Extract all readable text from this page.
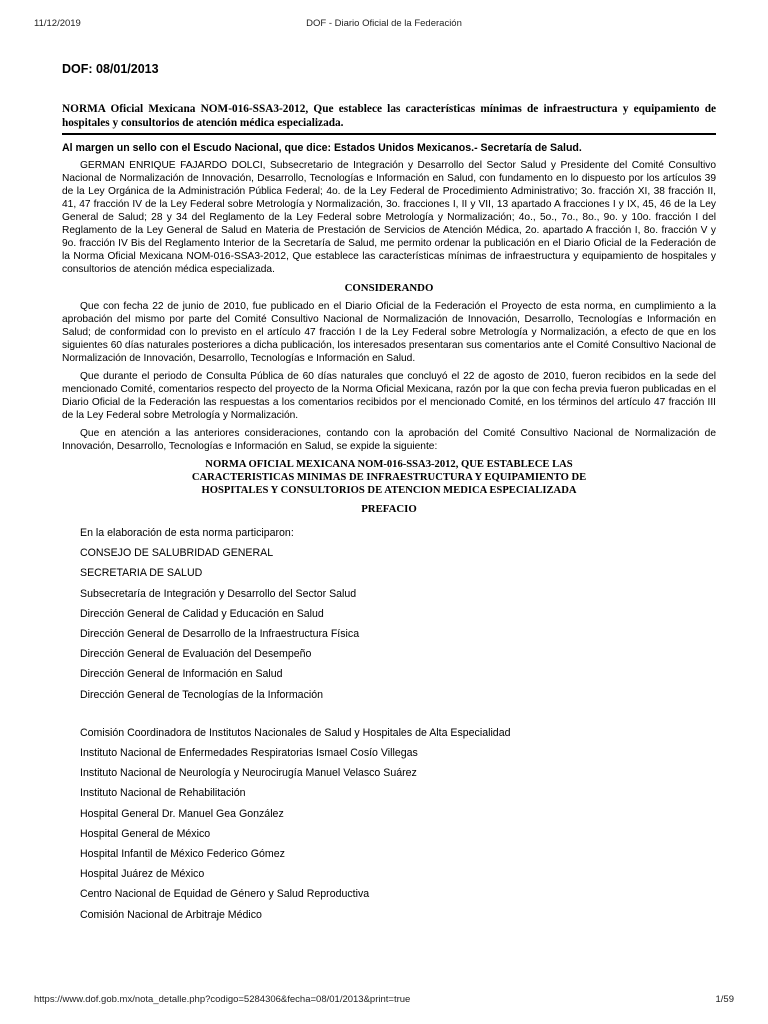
11/12/2019	DOF - Diario Oficial de la Federación
DOF: 08/01/2013
NORMA Oficial Mexicana NOM-016-SSA3-2012, Que establece las características mínimas de infraestructura y equipamiento de hospitales y consultorios de atención médica especializada.
Al margen un sello con el Escudo Nacional, que dice: Estados Unidos Mexicanos.- Secretaría de Salud.

GERMAN ENRIQUE FAJARDO DOLCI, Subsecretario de Integración y Desarrollo del Sector Salud y Presidente del Comité Consultivo Nacional de Normalización de Innovación, Desarrollo, Tecnologías e Información en Salud, con fundamento en lo dispuesto por los artículos 39 de la Ley Orgánica de la Administración Pública Federal; 4o. de la Ley Federal de Procedimiento Administrativo; 3o. fracción XI, 38 fracción II, 41, 47 fracción IV de la Ley Federal sobre Metrología y Normalización, 3o. fracciones I, II y VII, 13 apartado A fracciones I y IX, 45, 46 de la Ley General de Salud; 28 y 34 del Reglamento de la Ley Federal sobre Metrología y Normalización; 4o., 5o., 7o., 8o., 9o. y 10o. fracción I del Reglamento de la Ley General de Salud en Materia de Prestación de Servicios de Atención Médica, 2o. apartado A fracción I, 8o. fracción V y 9o. fracción IV Bis del Reglamento Interior de la Secretaría de Salud, me permito ordenar la publicación en el Diario Oficial de la Federación de la Norma Oficial Mexicana NOM-016-SSA3-2012, Que establece las características mínimas de infraestructura y equipamiento de hospitales y consultorios de atención médica especializada.

CONSIDERANDO

Que con fecha 22 de junio de 2010, fue publicado en el Diario Oficial de la Federación el Proyecto de esta norma, en cumplimiento a la aprobación del mismo por parte del Comité Consultivo Nacional de Normalización de Innovación, Desarrollo, Tecnologías e Información en Salud; de conformidad con lo previsto en el artículo 47 fracción I de la Ley Federal sobre Metrología y Normalización, a efecto de que en los siguientes 60 días naturales posteriores a dicha publicación, los interesados presentaran sus comentarios ante el Comité Consultivo Nacional de Normalización de Innovación, Desarrollo, Tecnologías e Información en Salud.

Que durante el periodo de Consulta Pública de 60 días naturales que concluyó el 22 de agosto de 2010, fueron recibidos en la sede del mencionado Comité, comentarios respecto del proyecto de la Norma Oficial Mexicana, razón por la que con fecha previa fueron publicadas en el Diario Oficial de la Federación las respuestas a los comentarios recibidos por el mencionado Comité, en los términos del artículo 47 fracción III de la Ley Federal sobre Metrología y Normalización.

Que en atención a las anteriores consideraciones, contando con la aprobación del Comité Consultivo Nacional de Normalización de Innovación, Desarrollo, Tecnologías e Información en Salud, se expide la siguiente:

NORMA OFICIAL MEXICANA NOM-016-SSA3-2012, QUE ESTABLECE LAS CARACTERISTICAS MINIMAS DE INFRAESTRUCTURA Y EQUIPAMIENTO DE HOSPITALES Y CONSULTORIOS DE ATENCION MEDICA ESPECIALIZADA
PREFACIO
En la elaboración de esta norma participaron:
CONSEJO DE SALUBRIDAD GENERAL
SECRETARIA DE SALUD
Subsecretaría de Integración y Desarrollo del Sector Salud
Dirección General de Calidad y Educación en Salud
Dirección General de Desarrollo de la Infraestructura Física
Dirección General de Evaluación del Desempeño
Dirección General de Información en Salud
Dirección General de Tecnologías de la Información
Comisión Coordinadora de Institutos Nacionales de Salud y Hospitales de Alta Especialidad
Instituto Nacional de Enfermedades Respiratorias Ismael Cosío Villegas
Instituto Nacional de Neurología y Neurocirugía Manuel Velasco Suárez
Instituto Nacional de Rehabilitación
Hospital General Dr. Manuel Gea González
Hospital General de México
Hospital Infantil de México Federico Gómez
Hospital Juárez de México
Centro Nacional de Equidad de Género y Salud Reproductiva
Comisión Nacional de Arbitraje Médico
https://www.dof.gob.mx/nota_detalle.php?codigo=5284306&fecha=08/01/2013&print=true	1/59
